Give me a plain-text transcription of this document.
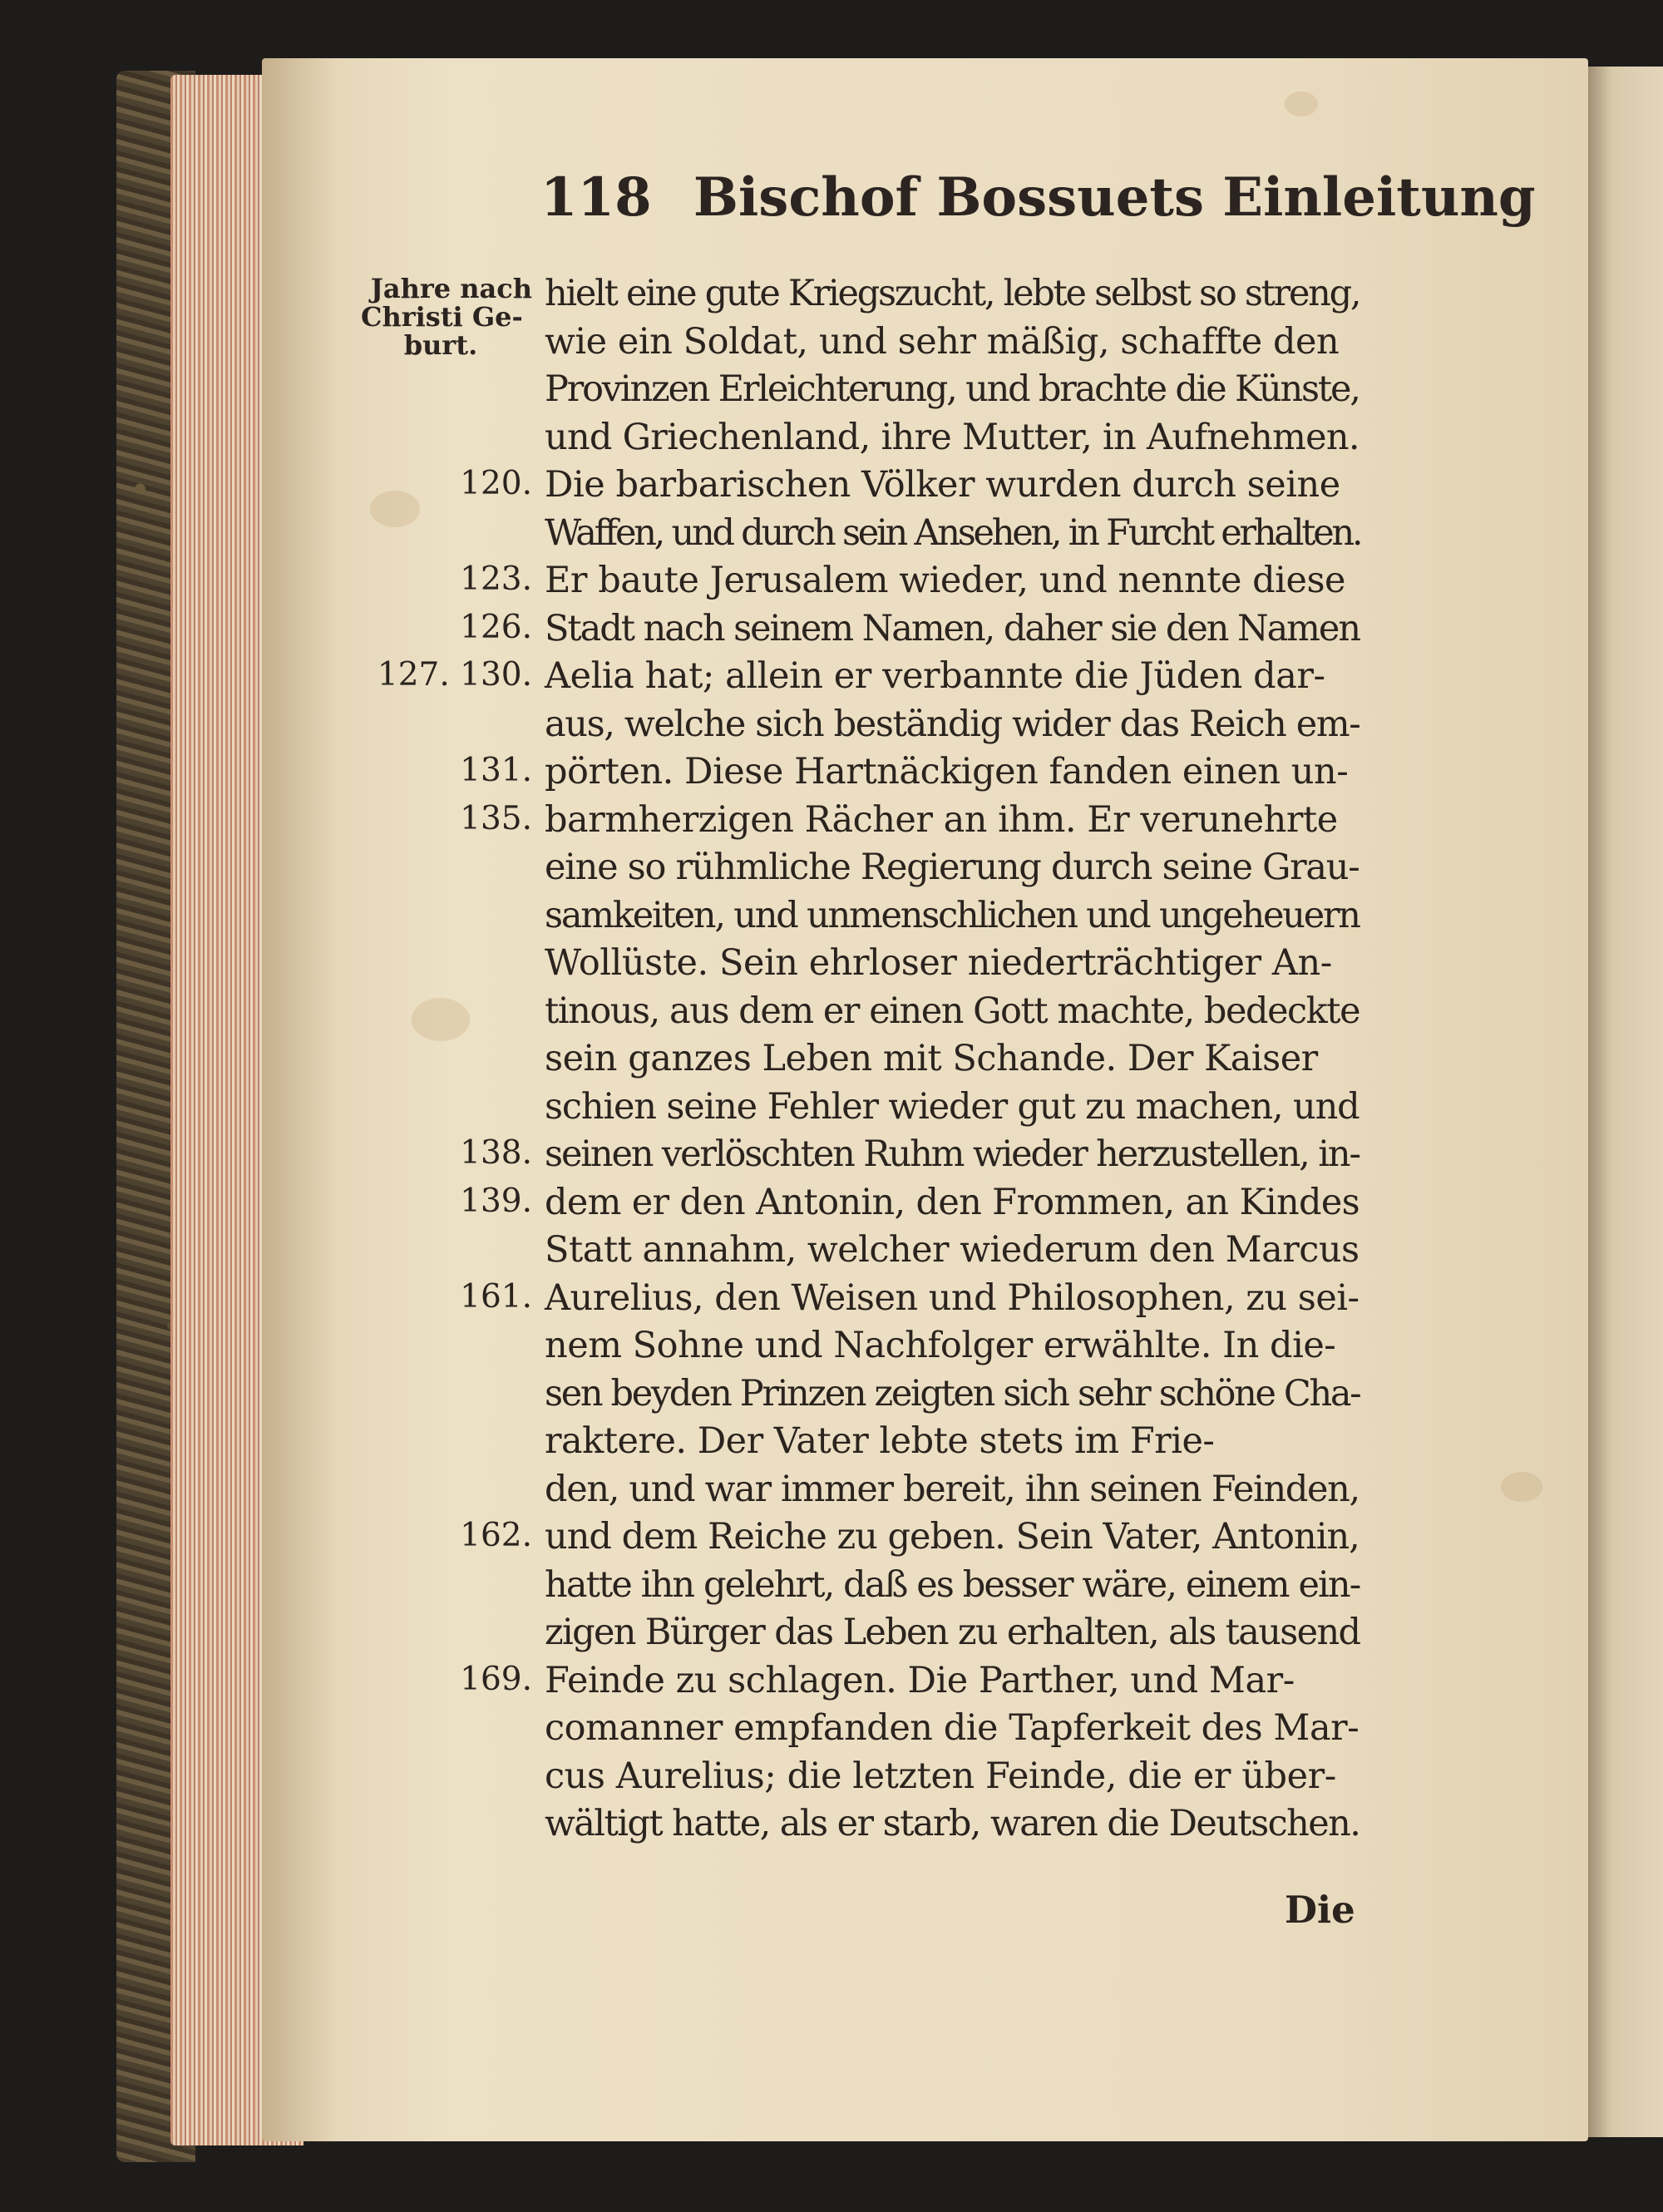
118 Bischof Bossuets Einleitung
Jahre nach
Christi Ge-
burt.
hielt eine gute Kriegszucht, lebte selbst so streng,
wie ein Soldat, und sehr mäßig, schaffte den
Provinzen Erleichterung, und brachte die Künste,
und Griechenland, ihre Mutter, in Aufnehmen.
Die barbarischen Völker wurden durch seine
Waffen, und durch sein Ansehen, in Furcht erhalten.
Er baute Jerusalem wieder, und nennte diese
Stadt nach seinem Namen, daher sie den Namen
Aelia hat; allein er verbannte die Jüden dar-
aus, welche sich beständig wider das Reich em-
pörten. Diese Hartnäckigen fanden einen un-
barmherzigen Rächer an ihm. Er verunehrte
eine so rühmliche Regierung durch seine Grau-
samkeiten, und unmenschlichen und ungeheuern
Wollüste. Sein ehrloser niederträchtiger An-
tinous, aus dem er einen Gott machte, bedeckte
sein ganzes Leben mit Schande. Der Kaiser
schien seine Fehler wieder gut zu machen, und
seinen verlöschten Ruhm wieder herzustellen, in-
dem er den Antonin, den Frommen, an Kindes
Statt annahm, welcher wiederum den Marcus
Aurelius, den Weisen und Philosophen, zu sei-
nem Sohne und Nachfolger erwählte. In die-
sen beyden Prinzen zeigten sich sehr schöne Cha-
raktere. Der Vater lebte stets im Frie-
den, und war immer bereit, ihn seinen Feinden,
und dem Reiche zu geben. Sein Vater, Antonin,
hatte ihn gelehrt, daß es besser wäre, einem ein-
zigen Bürger das Leben zu erhalten, als tausend
Feinde zu schlagen. Die Parther, und Mar-
comanner empfanden die Tapferkeit des Mar-
cus Aurelius; die letzten Feinde, die er über-
wältigt hatte, als er starb, waren die Deutschen.
120.
123.
126.
127. 130.
131.
135.
138.
139.
161.
162.
169.
Die
